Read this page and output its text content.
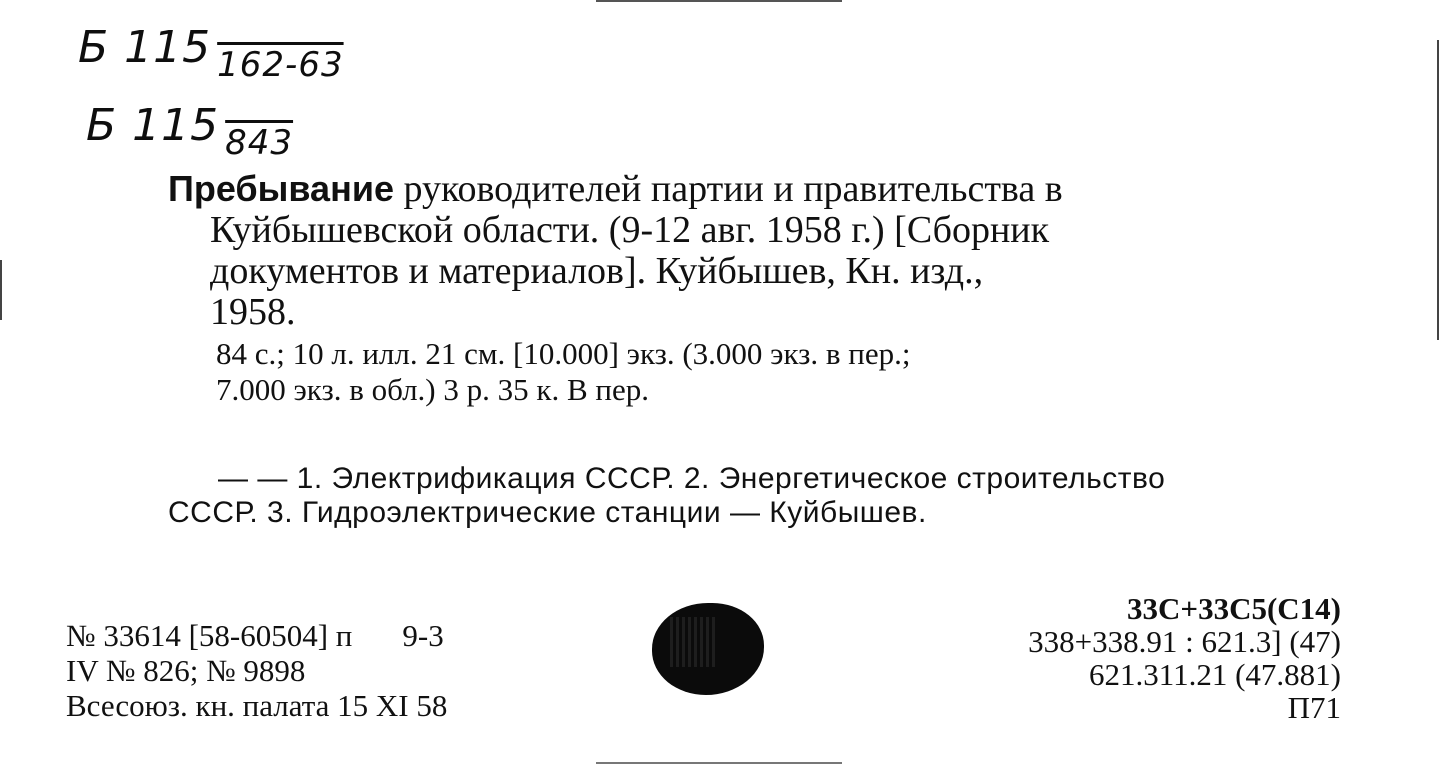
Б 115 $_{162-63}$
Б 115 $_{843}$
Пребывание руководителей партии и правительства в
Куйбышевской области. (9-12 авг. 1958 г.) [Сборник
документов и материалов]. Куйбышев, Кн. изд.,
1958.
84 с.; 10 л. илл. 21 см. [10.000] экз. (3.000 экз. в пер.;
7.000 экз. в обл.) 3 р. 35 к. В пер.
— — 1. Электрификация СССР. 2. Энергетическое строительство
СССР. 3. Гидроэлектрические станции — Куйбышев.
№ 33614 [58-60504] п 9-3
IV № 826; № 9898
Всесоюз. кн. палата 15 XI 58
33С+33С5(С14)
338+338.91 : 621.3] (47)
621.311.21 (47.881)
П71
